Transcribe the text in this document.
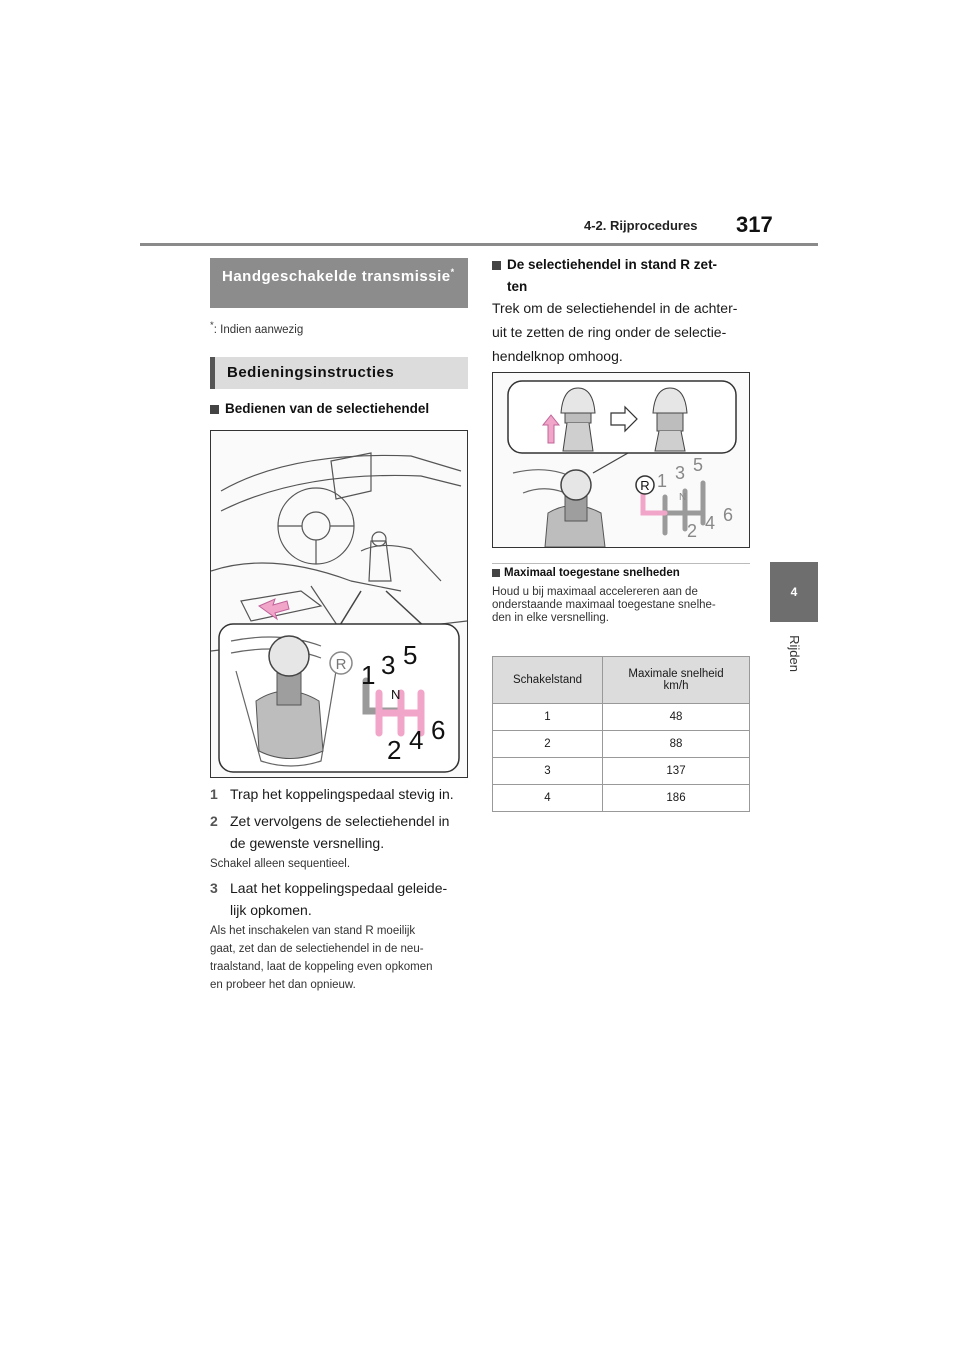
4-2. Rijprocedures 317
4
Rijden
Handgeschakelde transmissie*
*: Indien aanwezig
Bedieningsinstructies
Bedienen van de selectiehendel
R 1 3 5
N
2 4 6
1 Trap het koppelingspedaal stevig in.
2 Zet vervolgens de selectiehendel in
de gewenste versnelling.
Schakel alleen sequentieel.
3 Laat het koppelingspedaal geleide-
lijk opkomen.
Als het inschakelen van stand R moeilijk
gaat, zet dan de selectiehendel in de neu-
traalstand, laat de koppeling even opkomen
en probeer het dan opnieuw.
De selectiehendel in stand R zet-
ten
Trek om de selectiehendel in de achter-
uit te zetten de ring onder de selectie-
hendelknop omhoog.
R 1 3 5
N
2 4 6
Maximaal toegestane snelheden
Houd u bij maximaal accelereren aan de
onderstaande maximaal toegestane snelhe-
den in elke versnelling.
Schakelstand	Maximale snelheid
km/h

1	48
2	88
3	137
4	186
